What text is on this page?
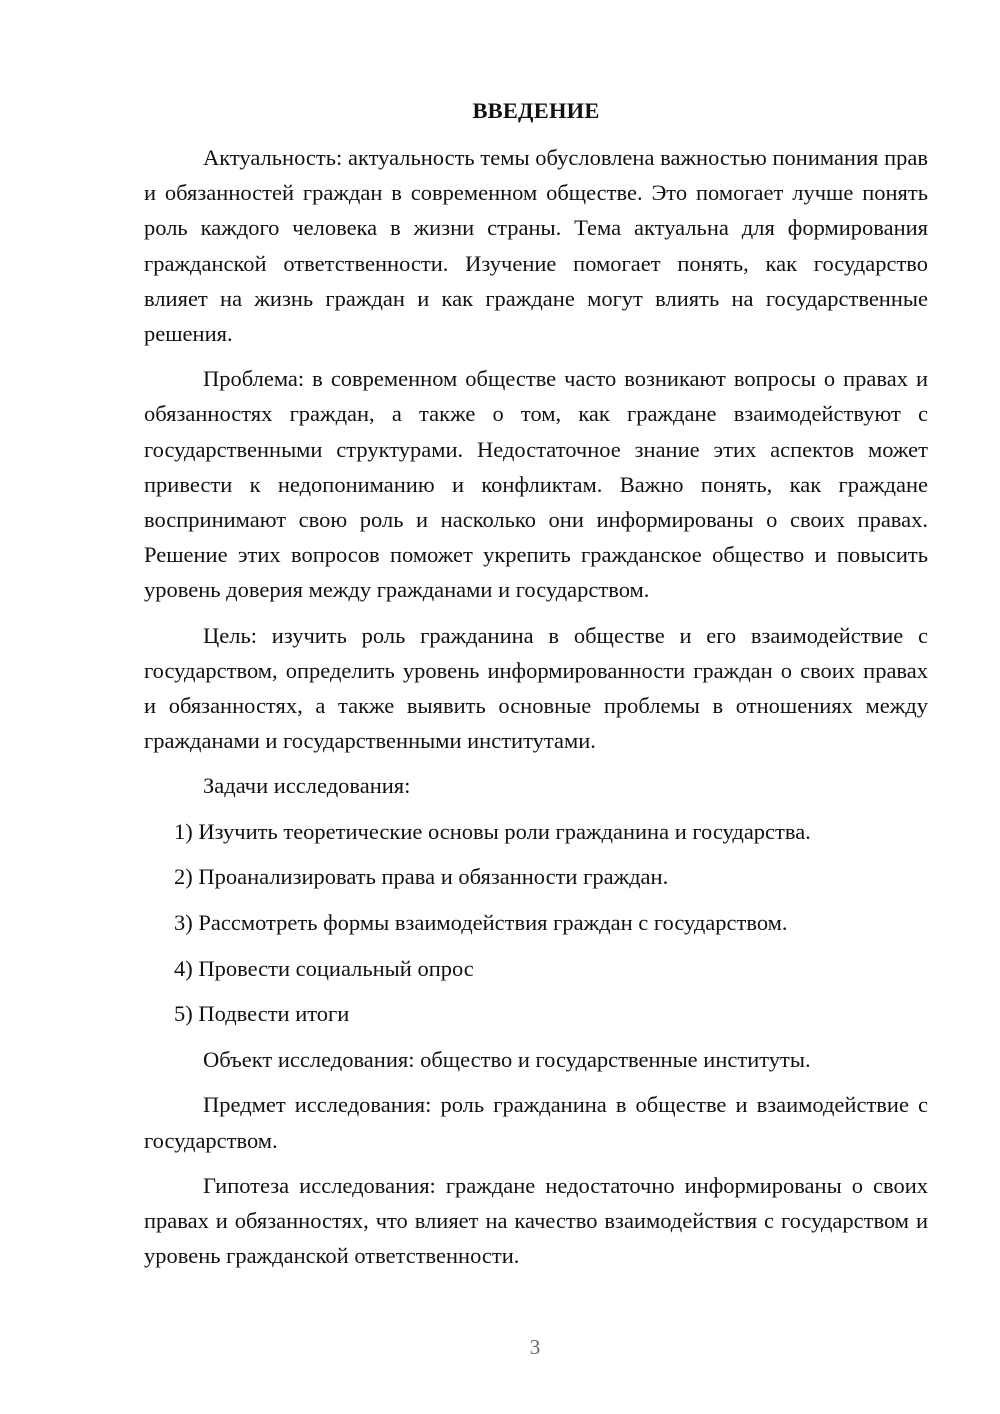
ВВЕДЕНИЕ

Актуальность: актуальность темы обусловлена важностью понимания прав и обязанностей граждан в современном обществе. Это помогает лучше понять роль каждого человека в жизни страны. Тема актуальна для формирования гражданской ответственности. Изучение помогает понять, как государство влияет на жизнь граждан и как граждане могут влиять на государственные решения.

Проблема: в современном обществе часто возникают вопросы о правах и обязанностях граждан, а также о том, как граждане взаимодействуют с государственными структурами. Недостаточное знание этих аспектов может привести к недопониманию и конфликтам. Важно понять, как граждане воспринимают свою роль и насколько они информированы о своих правах. Решение этих вопросов поможет укрепить гражданское общество и повысить уровень доверия между гражданами и государством.

Цель: изучить роль гражданина в обществе и его взаимодействие с государством, определить уровень информированности граждан о своих правах и обязанностях, а также выявить основные проблемы в отношениях между гражданами и государственными институтами.

Задачи исследования:

1) Изучить теоретические основы роли гражданина и государства.

2) Проанализировать права и обязанности граждан.

3) Рассмотреть формы взаимодействия граждан с государством.

4) Провести социальный опрос

5) Подвести итоги

Объект исследования: общество и государственные институты.

Предмет исследования: роль гражданина в обществе и взаимодействие с государством.

Гипотеза исследования: граждане недостаточно информированы о своих правах и обязанностях, что влияет на качество взаимодействия с государством и уровень гражданской ответственности.

3
